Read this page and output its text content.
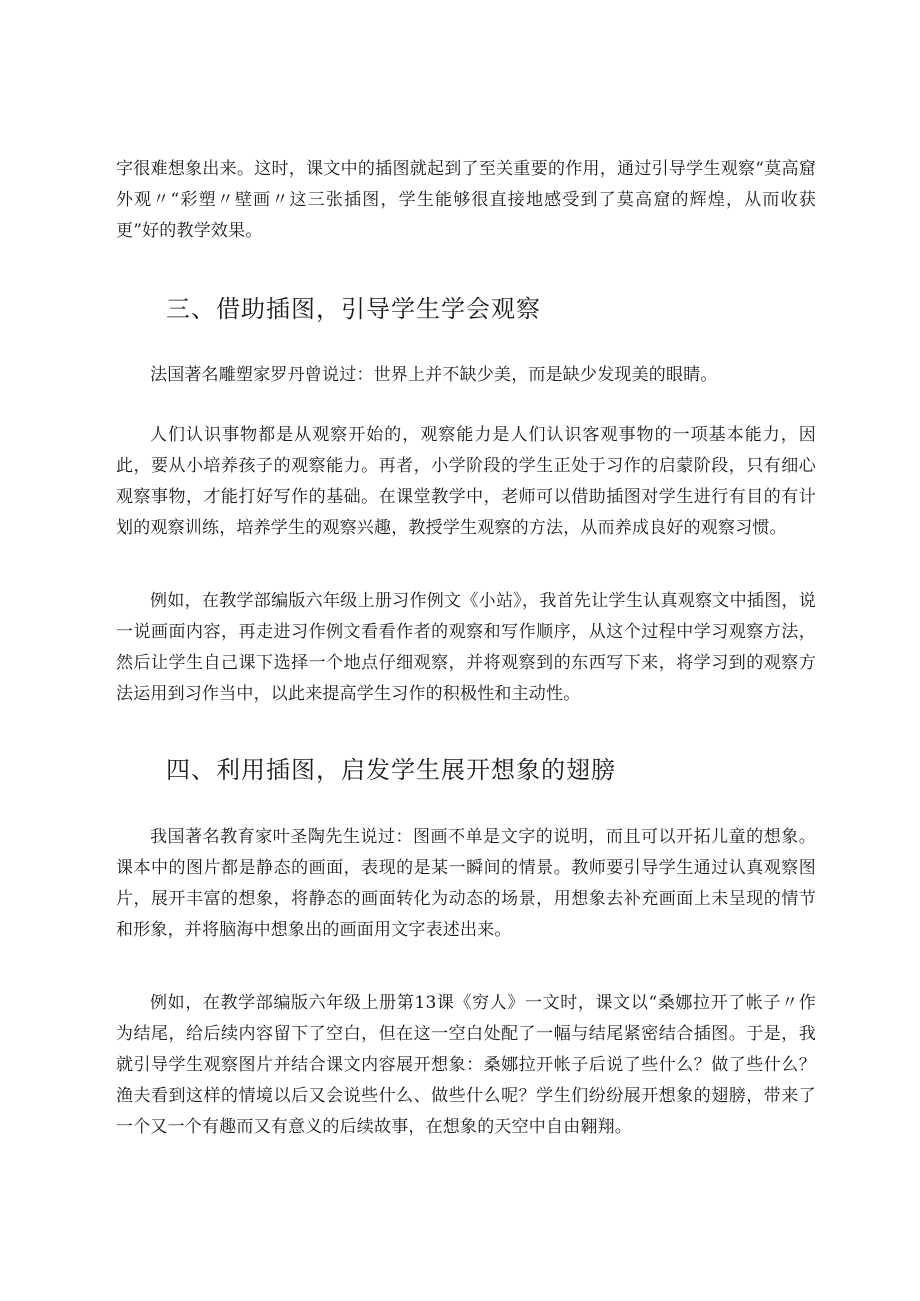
字很难想象出来。这时，课文中的插图就起到了至关重要的作用，通过引导学生观察“莫高窟外观〃“彩塑〃壁画〃这三张插图，学生能够很直接地感受到了莫高窟的辉煌，从而收获更”好的教学效果。

三、借助插图，引导学生学会观察

法国著名雕塑家罗丹曾说过：世界上并不缺少美，而是缺少发现美的眼睛。

人们认识事物都是从观察开始的，观察能力是人们认识客观事物的一项基本能力，因此，要从小培养孩子的观察能力。再者，小学阶段的学生正处于习作的启蒙阶段，只有细心观察事物，才能打好写作的基础。在课堂教学中，老师可以借助插图对学生进行有目的有计划的观察训练，培养学生的观察兴趣，教授学生观察的方法，从而养成良好的观察习惯。

例如，在教学部编版六年级上册习作例文《小站》，我首先让学生认真观察文中插图，说一说画面内容，再走进习作例文看看作者的观察和写作顺序，从这个过程中学习观察方法，然后让学生自己课下选择一个地点仔细观察，并将观察到的东西写下来，将学习到的观察方法运用到习作当中，以此来提高学生习作的积极性和主动性。

四、利用插图，启发学生展开想象的翅膀

我国著名教育家叶圣陶先生说过：图画不单是文字的说明，而且可以开拓儿童的想象。课本中的图片都是静态的画面，表现的是某一瞬间的情景。教师要引导学生通过认真观察图片，展开丰富的想象，将静态的画面转化为动态的场景，用想象去补充画面上未呈现的情节和形象，并将脑海中想象出的画面用文字表述出来。

例如，在教学部编版六年级上册第13课《穷人》一文时，课文以“桑娜拉开了帐子〃作为结尾，给后续内容留下了空白，但在这一空白处配了一幅与结尾紧密结合插图。于是，我就引导学生观察图片并结合课文内容展开想象：桑娜拉开帐子后说了些什么？做了些什么？渔夫看到这样的情境以后又会说些什么、做些什么呢？学生们纷纷展开想象的翅膀，带来了一个又一个有趣而又有意义的后续故事，在想象的天空中自由翱翔。
